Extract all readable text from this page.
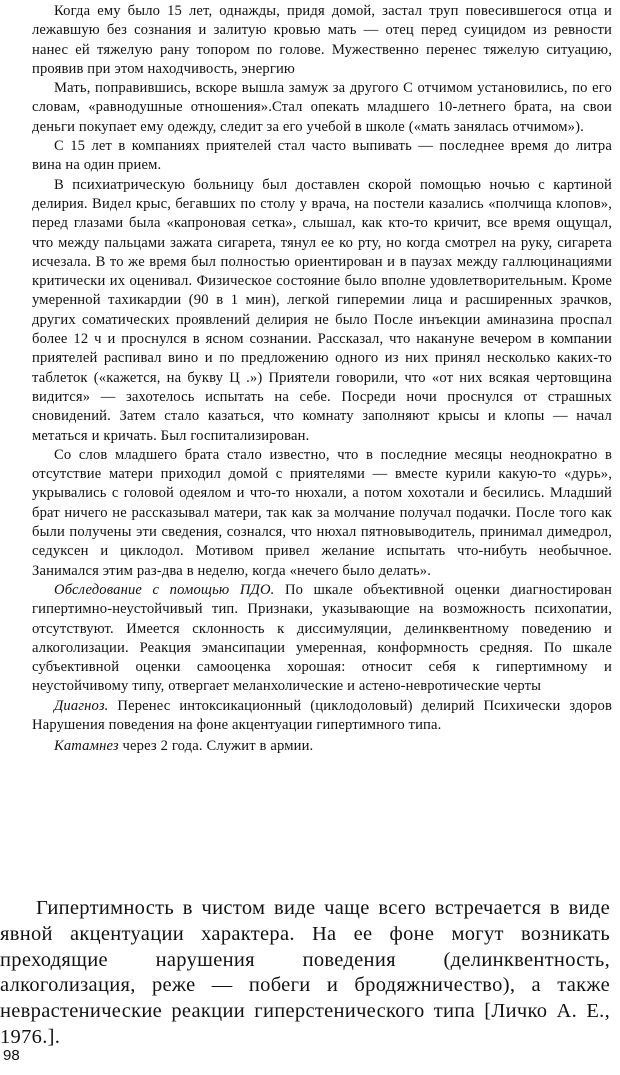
Когда ему было 15 лет, однажды, придя домой, застал труп повесившегося отца и лежавшую без сознания и залитую кровью мать — отец перед суицидом из ревности нанес ей тяжелую рану топором по голове. Мужественно перенес тяжелую ситуацию, проявив при этом находчивость, энергию

Мать, поправившись, вскоре вышла замуж за другого С отчимом установились, по его словам, «равнодушные отношения».Стал опекать младшего 10-летнего брата, на свои деньги покупает ему одежду, следит за его учебой в школе («мать занялась отчимом»).

С 15 лет в компаниях приятелей стал часто выпивать — последнее время до литра вина на один прием.

В психиатрическую больницу был доставлен скорой помощью ночью с картиной делирия. Видел крыс, бегавших по столу у врача, на постели казались «полчища клопов», перед глазами была «капроновая сетка», слышал, как кто-то кричит, все время ощущал, что между пальцами зажата сигарета, тянул ее ко рту, но когда смотрел на руку, сигарета исчезала. В то же время был полностью ориентирован и в паузах между галлюцинациями критически их оценивал. Физическое состояние было вполне удовлетворительным. Кроме умеренной тахикардии (90 в 1 мин), легкой гиперемии лица и расширенных зрачков, других соматических проявлений делирия не было После инъекции аминазина проспал более 12 ч и проснулся в ясном сознании. Рассказал, что накануне вечером в компании приятелей распивал вино и по предложению одного из них принял несколько каких-то таблеток («кажется, на букву Ц .») Приятели говорили, что «от них всякая чертовщина видится» — захотелось испытать на себе. Посреди ночи проснулся от страшных сновидений. Затем стало казаться, что комнату заполняют крысы и клопы — начал метаться и кричать. Был госпитализирован.

Со слов младшего брата стало известно, что в последние месяцы неоднократно в отсутствие матери приходил домой с приятелями — вместе курили какую-то «дурь», укрывались с головой одеялом и что-то нюхали, а потом хохотали и бесились. Младший брат ничего не рассказывал матери, так как за молчание получал подачки. После того как были получены эти сведения, сознался, что нюхал пятновыводитель, принимал димедрол, седуксен и циклодол. Мотивом привел желание испытать что-нибуть необычное. Занимался этим раз-два в неделю, когда «нечего было делать».

Обследование с помощью ПДО. По шкале объективной оценки диагностирован гипертимно-неустойчивый тип. Признаки, указывающие на возможность психопатии, отсутствуют. Имеется склонность к диссимуляции, делинквентному поведению и алкоголизации. Реакция эмансипации умеренная, конформность средняя. По шкале субъективной оценки самооценка хорошая: относит себя к гипертимному и неустойчивому типу, отвергает меланхолические и астено-невротические черты

Диагноз. Перенес интоксикационный (циклодоловый) делирий Психически здоров Нарушения поведения на фоне акцентуации гипертимного типа.

Катамнез через 2 года. Служит в армии.

Гипертимность в чистом виде чаще всего встречается в виде явной акцентуации характера. На ее фоне могут возникать преходящие нарушения поведения (делинквентность, алкоголизация, реже — побеги и бродяжничество), а также неврастенические реакции гиперстенического типа [Личко А. Е., 1976.].

98
